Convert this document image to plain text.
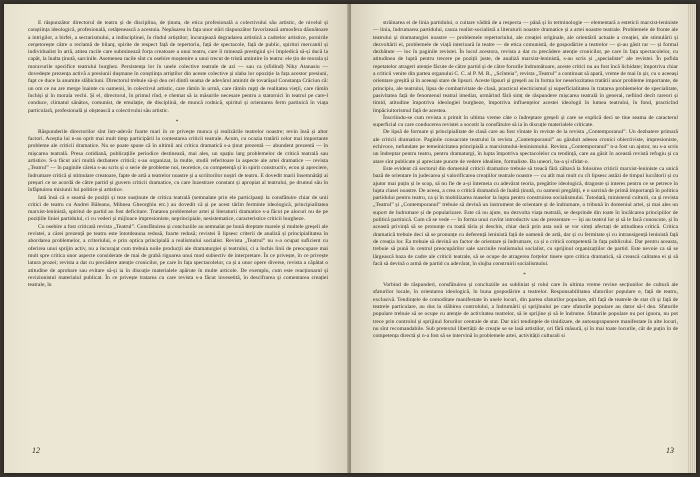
E răspunzător directorul de teatru și de disciplina, de ținuta, de etica profesională a colectivului său artistic, de nivelul și conștiința ideologică, profesională, cetățenească a acestuia. Nepăsarea în fața unor stări răspunzător favorizează atmosfera dăunătoare a intrigilor, a birfei, a sectarismului, a indisciplinei, în rîndul artiștilor; încurajează degradarea artistică a cadrelor artistice, pornirile cerșetorește către o reclamă de bilanț, spirite de respect față de repertoriu, față de spectacole, față de public, spiritul mercantil și individualist în artă, atitea racile care subminează forța creatoare a unui teatru, care îi minează prestigiul și-i împiedică să-și ducă la capăt, la înalta ținută, sarcinile. Asemenea racile sînt cu osebire moștenire a unui trecut de tristă amintire în teatru: ele țin de morala și moravurile specifice teatrului burghez. Persistența lor în unele colective teatrale de azi — sau ca (sfidind) Niky Atanasiu — dovedește prezența activă a presiunii dușmane în conștiința artiștilor din aceste colective și slaba lor opoziție la fața acestor presiuni, fapt ce duce la anumite slăbiciuni. Directorul trebuie să-și dea cel dintîi seama de adevărul amintit de tovarășul Constanța Crăciun că: un om ce nu are merge înainte cu oamenii, în colectivul artistic, care rămîn în urmă, care rămîn rupți de realitatea vieții, care rămîn închiși și în morala vechi. Și el, directorul, în primul rînd, e chemat să ia măsurile necesare pentru a statornici în teatrul pe care-l conduce, climatul sănătos, comunist, de emulație, de disciplină, de muncă rodnică, spiritul și orientarea ferm partinică în viața particulară, profesională și obștească a colectivului său artistic.

*

Răspunderile directorilor sînt într-adevăr foarte mari în ce privește munca și realizările teatrelor noastre; revin însă și altor factori. Aceștia lui n-au oprit mai mult timp participării la contestarea criticii teatrale. Acum, cu ocazia tratării celor mai importante probleme ale criticii dramatice. Nu se poate spune că în ultimii ani critica dramatică s-a ținut prezentă — abundent prezentă — în mișcarea teatrală. Presa cotidiană, publicațiile periodice destinează, mai ales, un spațiu larg problemelor de critică teatrală sau artistice. S-a făcut aici multă dezbatere critică; s-au organizat, la multe, studii referitoare la aspecte ale artei dramatice — revista „Teatrul” — în paginile căreia s-au scris și o serie de probleme noi, teoretice, cu competență și în spirit constructiv, ecou și apreciere, îndrumare critică și stimulare creatoare, fapte de artă a teatrelor noastre și a scriitorilor noștri de teatru. E dovedit marii însemnătăți ai preșuri ce se acordă de către partid și guvern criticii dramatice, cu care înzestrare constant și apropiat al teatrului, pe drumul său în înfăptuirea misiunii lui politice și artistice.

Iată însă că o seamă de poziții și teze susținute de critica teatrală (semnalate prin ele participanți la consfătuire chiar de unii critici de teatru cu Andrei Băleanu, Mihnea Gheorghiu etc.) au dovedit că și pe acest tărîm ferminte ideologică, principialitatea marxist-leninistă, spiritul de partid au fost deficitare. Tratarea problemelor artei și literaturii dramatice s-a făcut pe alocuri nu de pe pozițiile liniei partidului, ci cu vederi și mijloace impresioniste, neprincipiale, nesistematice, caracteristice criticii burgheze.

Cu osebire a fost criticată revista „Teatrul”. Consfătuirea și concluziile au semnalat pe bună dreptate marele și multele greșeli ale revistei, a cărei prezență pe teatru este întotdeauna redusă, foarte redusă; revistei îi lipsesc criterii de analiză și principialitatea în abordarea problemelor, a criteriului, e prin optica principială a realismului socialist. Revista „Teatrul” nu s-a ocupat suficient cu oferirea unui sprijin activ, nu a încurajat cum trebuia noile producții ale dramaturgiei și teatrului, ci a închis linii de preocupare mai mult spre critica unor aspecte considerate de mai de grabă rigoarea unui mod subiectiv de interpretare. În ce privește, în ce privește latura prozei; revista a dat cu precădere atenție cronicilor, pe care în fața spectacolelor, ca și a unor opere diverse, revista a căpătat o atitudine de aprobare sau evitare să-și ia în discuție materialele apărute în multe articole. De exemplu, cum este reacționarul și revizionistul materialul publicat. În ce privește tratarea cu care revista s-a făcut invesetită, în descifrarea și comentarea creației teatrale, în

12

străinarea ei de linia partidului, o cuitare vădită de a respecta — până și în terminologie — elementară a esteticii marxist-leniniste — linia, îndrumarea partidului, cauza realist-socialistă a literaturii noastre dramatice și a artei noastre teatrale. Problemele de fronte ale teatrului și dramaturgiei noastre — problemele repertoriului, ale creației originale, ale orientării actuale a creației, ale stimulării și dezvoltării ei, problemele de viață interioară în teatre — de etica comunistă, de gospodărire a teatrelor — și-au găsit rar — și formal dezbătute — loc în paginile revistei. În locul acestora, revista a dat cu precădere atenție cronicilor, pe care în fața spectacolelor, cu atitudinea de luptă pentru trecere pe poziții juste, de analiză marxist-leninistă, s-au scris și „specialiste” ale revistei. În pofida repetatelor atrageri atenție făcute de către partid și de către forurile îndrumătoare, aceste critici nu au fost încă lichidate; împotriva chiar a criticii venite din partea organului C. C. al P. M. R., „Scînteia”, revista „Teatrul” a continuat să apară, vreme de mai în șir, cu o aceeași orientare greșită și în aceeași stare de lipsuri. Aceste lipsuri și greșeli au în forma lor neseriozitatea tratării unor probleme importante, de principiu, ale teatrului, lipsa de combativitate de clasă, practicul electicismul și superficialitatea în tratarea problemelor de specialitate, pasivitatea față de fenomenul teatral imediat, urmărind fără simț de răspundere mișcarea teatrală în general, nefiind decît rareori și timid, atitudine împotriva ideologiei burgheze, împotriva influențelor acestei ideologii în lumea teatrului, în fond, practicînd împăciuitorismul față de acestea.

Înscriindu-se cum revista a primit în ultima vreme câte o îndreptare greșeli și care se explică deci se tine seama de caracterul superficial cu care conducerea revistei a socotit la consfătuire să ia în discuție materialele criticate.

De lipsă de formare și principialitate de clasă care au fost vîntate în reviste de la revista „Contemporanul”. Un dezbatere primară ale criticii dramatice. Paginile consacrate teatrului în revista „Contemporanul” au găzduit adesea cronici obiectiviste, impresioniste, echivoce, nefundate pe temeinicitatea principială a marxismului-leninismului. Revista „Contemporanul” n-a fost un ajutor, nu s-a scris un îndreptar pentru teatru, pentru dramaturgi, în lupta împotriva spectacolelor cu tendință, care au găsit în această revistă refugiu și ca atare sînt publicate și apreciate puncte de vedere idealiste, formaliste. Ba uneori, ba-a și sfidat-o.

Este evident că sectorul din domeniul criticii dramatice trebuie să treacă fără zăbavă la folosirea criticii marxist-leniniste ca unică bază de orientare în judecarea și valorificarea creațiilor teatrale noastre — cu atît mai mult cu cît lipsesc astăzi de timpul lucrătorii și cu ajutor mai puțin și le scop, să nu fie de a-și întemeia cu adevărat teoria, pregătire ideologică, dragoste și interes pentru ce se petrece în lupta clasei noastre. De aceea, a crea o critică dramatică de înaltă ținută, cu oameni pregătiți, e o sarcină de primă importanță în politica partidului pentru teatru, ca și în mobilizarea maselor la lupta pentru construirea socialismului. Totodată, ministerul culturii, ca și revista „Teatrul” și „Contemporanul” trebuie să devină un instrument de orientare și de îndrumare, o tribună în domeniul artei, și mai ales un suport de îndrumare și de popularizare. Este că nu ajute, nu dezvolta viața teatrală, se desprinde din toate în încălcarea principiilor de politică partinică. Cum că se vede — în forma unui cuvînt introductiv sau de prezentare — își au teatrul lor și să le facă cunoscute, și în această privință să se pronunțe cu toată tăria și deschis, chiar dacă prin asta unii se vor simți afectați de atitudinea critică. Critica dramatică trebuie deci să se pronunțe cu deferență leninistă față de oamenii de artă, dar și cu fermitate și cu intransigență leninistă față de creația lor. Ea trebuie să devină un factor de orientare și îndrumare, ca și o critică competentă în fața publicului. Dar pentru aceasta, trebuie să pună în centrul preocupărilor sale sarcinile realismului socialist, cu sprijinul organizațiilor de partid. Este nevoie ca să se lărgească baza de cadre ale criticii teatrale, să se ocupe de atragerea forțelor tinere spre critica dramatică, să crească calitatea ei și să facă să devină o armă de partid cu adevărat, în slujba construirii socialismului.

*

Vorbind de răspunderi, consfătuirea și concluziile au subliniat și rolul care în ultima vreme revine secțiunilor de cultură ale sfaturilor locale, în orientarea ideologică, în buna gospodărire a teatrelor. Responsabilitatea sfaturilor populare e, față de teatru, exclusivă. Tendințele de comoditate manifestate în unele locuri, din partea sfaturilor populare, atît față de teatrele de stat cît și față de teatrele particulare, au dus la slăbirea controlului, a îndrumării și sprijinului pe care sfaturile populare au dator să-l dea. Sfaturile populare trebuie să se ocupe cu atenție de activitatea teatrelor, să le sprijine și să le îndrume. Sfaturile populare nu pot ignora, nu pot trece prin controlul și sprijinul forurilor centrale de stat. Dar nici tendințele de tinidizare, de autosuprapunere manifestate în alte locuri, nu sînt recomandabile. Sub pretextul libertății de creație se se lasă artistilor, ori fără măsură, și în mai toate locurile, cât de puțin în de competența directă și n-a fost să se intervină în problemele artei, activității culturali si

13
